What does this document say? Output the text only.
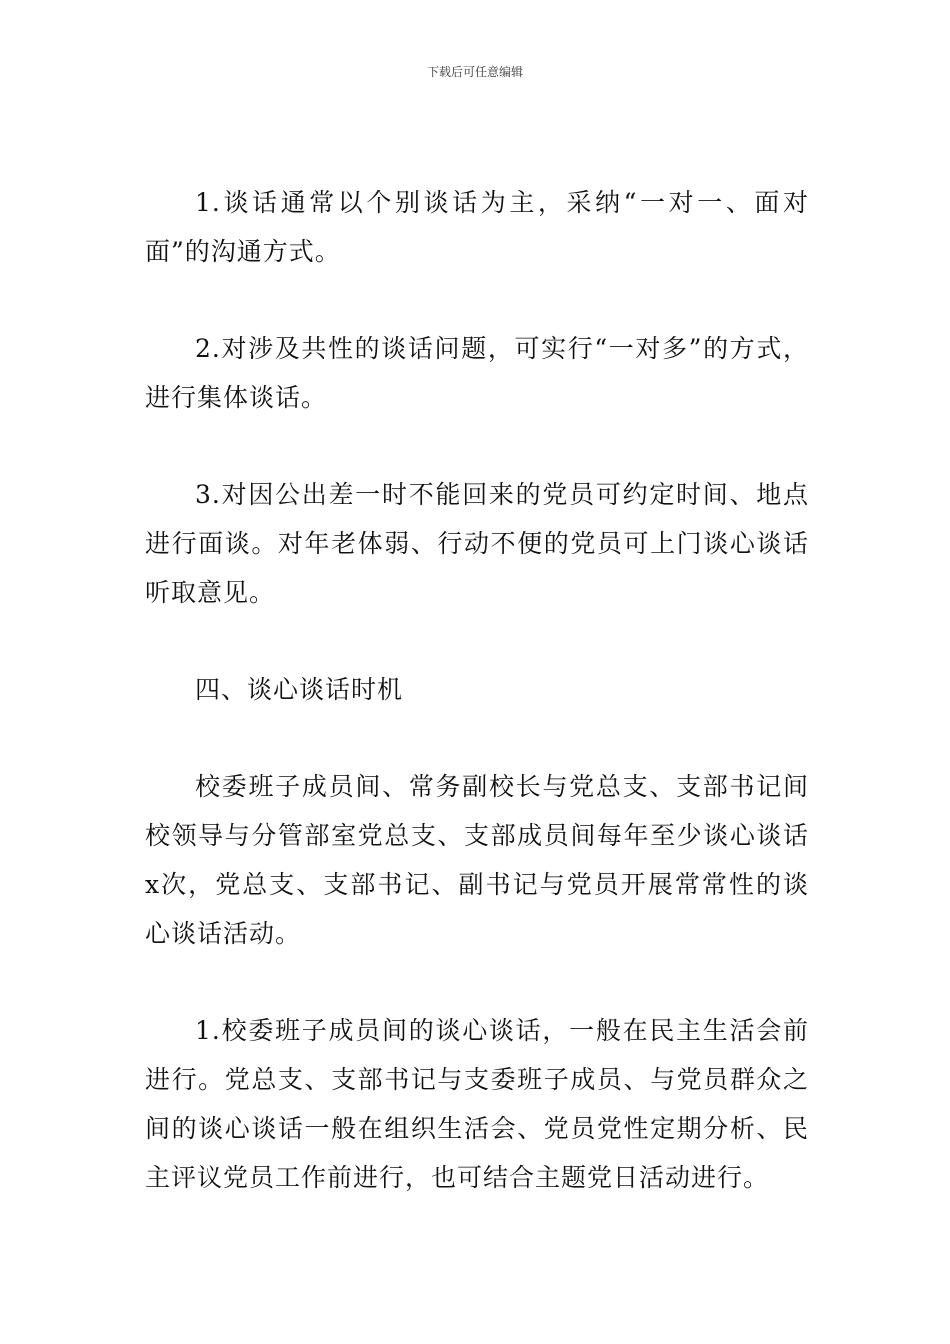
下载后可任意编辑

1.谈话通常以个别谈话为主，采纳“一对一、面对面”的沟通方式。

2.对涉及共性的谈话问题，可实行“一对多”的方式，进行集体谈话。

3.对因公出差一时不能回来的党员可约定时间、地点进行面谈。对年老体弱、行动不便的党员可上门谈心谈话听取意见。

四、谈心谈话时机

校委班子成员间、常务副校长与党总支、支部书记间校领导与分管部室党总支、支部成员间每年至少谈心谈话x次，党总支、支部书记、副书记与党员开展常常性的谈心谈话活动。

1.校委班子成员间的谈心谈话，一般在民主生活会前进行。党总支、支部书记与支委班子成员、与党员群众之间的谈心谈话一般在组织生活会、党员党性定期分析、民主评议党员工作前进行，也可结合主题党日活动进行。
